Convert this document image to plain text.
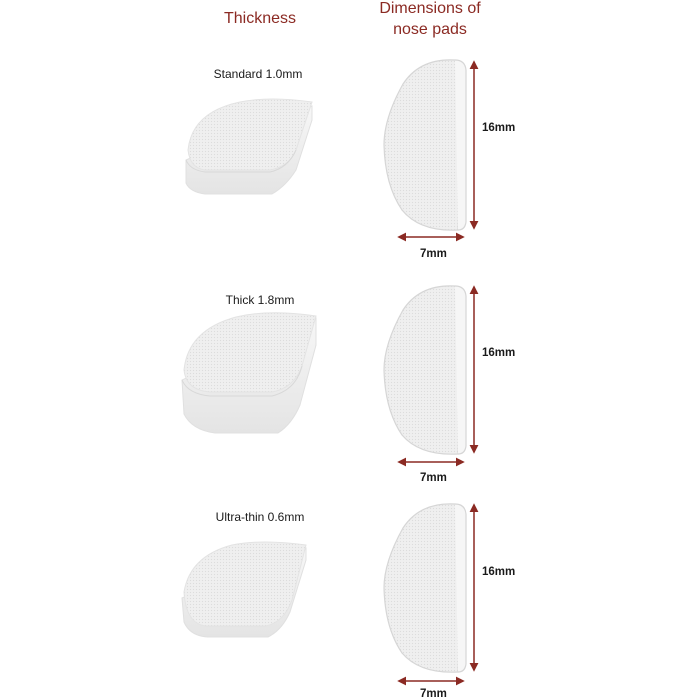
Thickness
Dimensions of
nose pads
Standard 1.0mm
Thick 1.8mm
Ultra-thin 0.6mm
16mm
7mm
16mm
7mm
16mm
7mm
